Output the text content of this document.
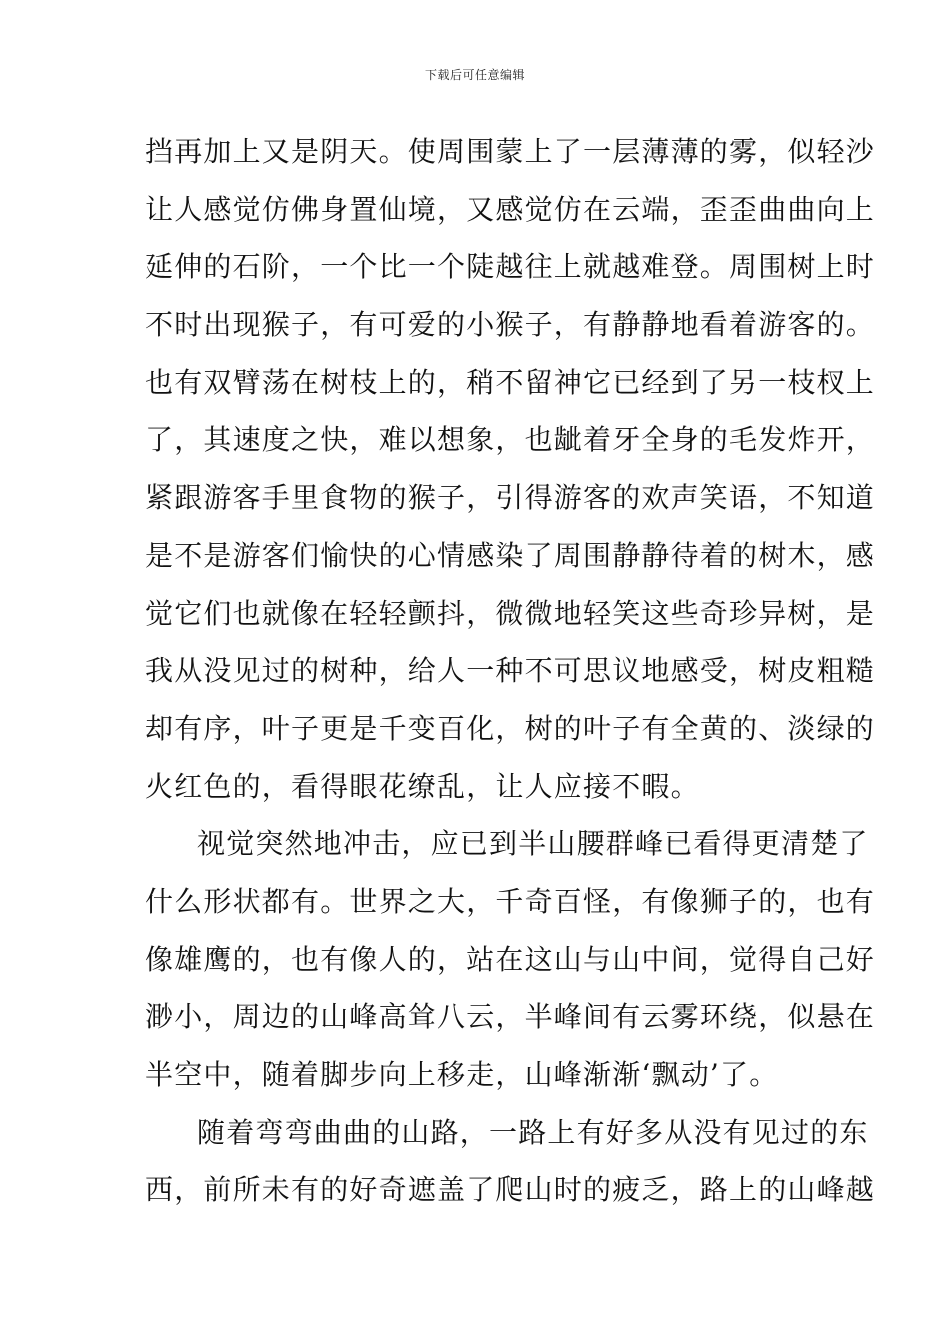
下载后可任意编辑
挡再加上又是阴天。使周围蒙上了一层薄薄的雾，似轻沙
让人感觉仿佛身置仙境，又感觉仿在云端，歪歪曲曲向上
延伸的石阶，一个比一个陡越往上就越难登。周围树上时
不时出现猴子，有可爱的小猴子，有静静地看着游客的。
也有双臂荡在树枝上的，稍不留神它已经到了另一枝杈上
了，其速度之快，难以想象，也龇着牙全身的毛发炸开，
紧跟游客手里食物的猴子，引得游客的欢声笑语，不知道
是不是游客们愉快的心情感染了周围静静待着的树木，感
觉它们也就像在轻轻颤抖，微微地轻笑这些奇珍异树，是
我从没见过的树种，给人一种不可思议地感受，树皮粗糙
却有序，叶子更是千变百化，树的叶子有全黄的、淡绿的
火红色的，看得眼花缭乱，让人应接不暇。
视觉突然地冲击，应已到半山腰群峰已看得更清楚了
什么形状都有。世界之大，千奇百怪，有像狮子的，也有
像雄鹰的，也有像人的，站在这山与山中间，觉得自己好
渺小，周边的山峰高耸八云，半峰间有云雾环绕，似悬在
半空中，随着脚步向上移走，山峰渐渐‘飘动’了。
随着弯弯曲曲的山路，一路上有好多从没有见过的东
西，前所未有的好奇遮盖了爬山时的疲乏，路上的山峰越
